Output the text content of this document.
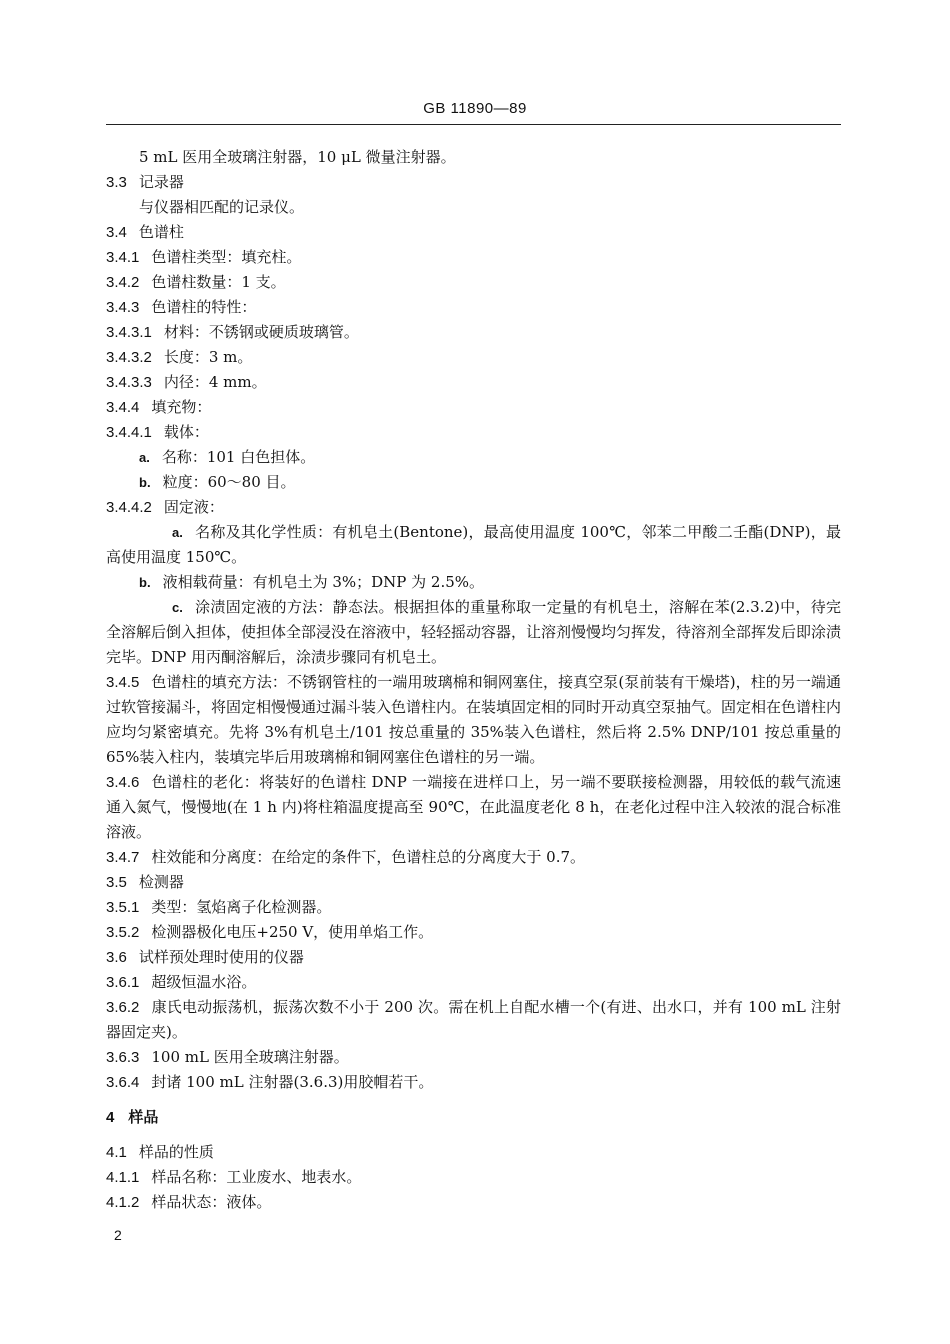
GB 11890—89
5 mL 医用全玻璃注射器，10 μL 微量注射器。
3.3 记录器
与仪器相匹配的记录仪。
3.4 色谱柱
3.4.1 色谱柱类型：填充柱。
3.4.2 色谱柱数量：1 支。
3.4.3 色谱柱的特性：
3.4.3.1 材料：不锈钢或硬质玻璃管。
3.4.3.2 长度：3 m。
3.4.3.3 内径：4 mm。
3.4.4 填充物：
3.4.4.1 载体：
a. 名称：101 白色担体。
b. 粒度：60～80 目。
3.4.4.2 固定液：
a. 名称及其化学性质：有机皂土(Bentone)，最高使用温度 100℃，邻苯二甲酸二壬酯(DNP)，最高使用温度 150℃。
b. 液相载荷量：有机皂土为 3%；DNP 为 2.5%。
c. 涂渍固定液的方法：静态法。根据担体的重量称取一定量的有机皂土，溶解在苯(2.3.2)中，待完全溶解后倒入担体，使担体全部浸没在溶液中，轻轻摇动容器，让溶剂慢慢均匀挥发，待溶剂全部挥发后即涂渍完毕。DNP 用丙酮溶解后，涂渍步骤同有机皂土。
3.4.5 色谱柱的填充方法：不锈钢管柱的一端用玻璃棉和铜网塞住，接真空泵(泵前装有干燥塔)，柱的另一端通过软管接漏斗，将固定相慢慢通过漏斗装入色谱柱内。在装填固定相的同时开动真空泵抽气。固定相在色谱柱内应均匀紧密填充。先将 3%有机皂土/101 按总重量的 35%装入色谱柱，然后将 2.5% DNP/101 按总重量的 65%装入柱内，装填完毕后用玻璃棉和铜网塞住色谱柱的另一端。
3.4.6 色谱柱的老化：将装好的色谱柱 DNP 一端接在进样口上，另一端不要联接检测器，用较低的载气流速通入氮气，慢慢地(在 1 h 内)将柱箱温度提高至 90℃，在此温度老化 8 h，在老化过程中注入较浓的混合标准溶液。
3.4.7 柱效能和分离度：在给定的条件下，色谱柱总的分离度大于 0.7。
3.5 检测器
3.5.1 类型：氢焰离子化检测器。
3.5.2 检测器极化电压+250 V，使用单焰工作。
3.6 试样预处理时使用的仪器
3.6.1 超级恒温水浴。
3.6.2 康氏电动振荡机，振荡次数不小于 200 次。需在机上自配水槽一个(有进、出水口，并有 100 mL 注射器固定夹)。
3.6.3 100 mL 医用全玻璃注射器。
3.6.4 封诸 100 mL 注射器(3.6.3)用胶帽若干。
4 样品
4.1 样品的性质
4.1.1 样品名称：工业废水、地表水。
4.1.2 样品状态：液体。
2
